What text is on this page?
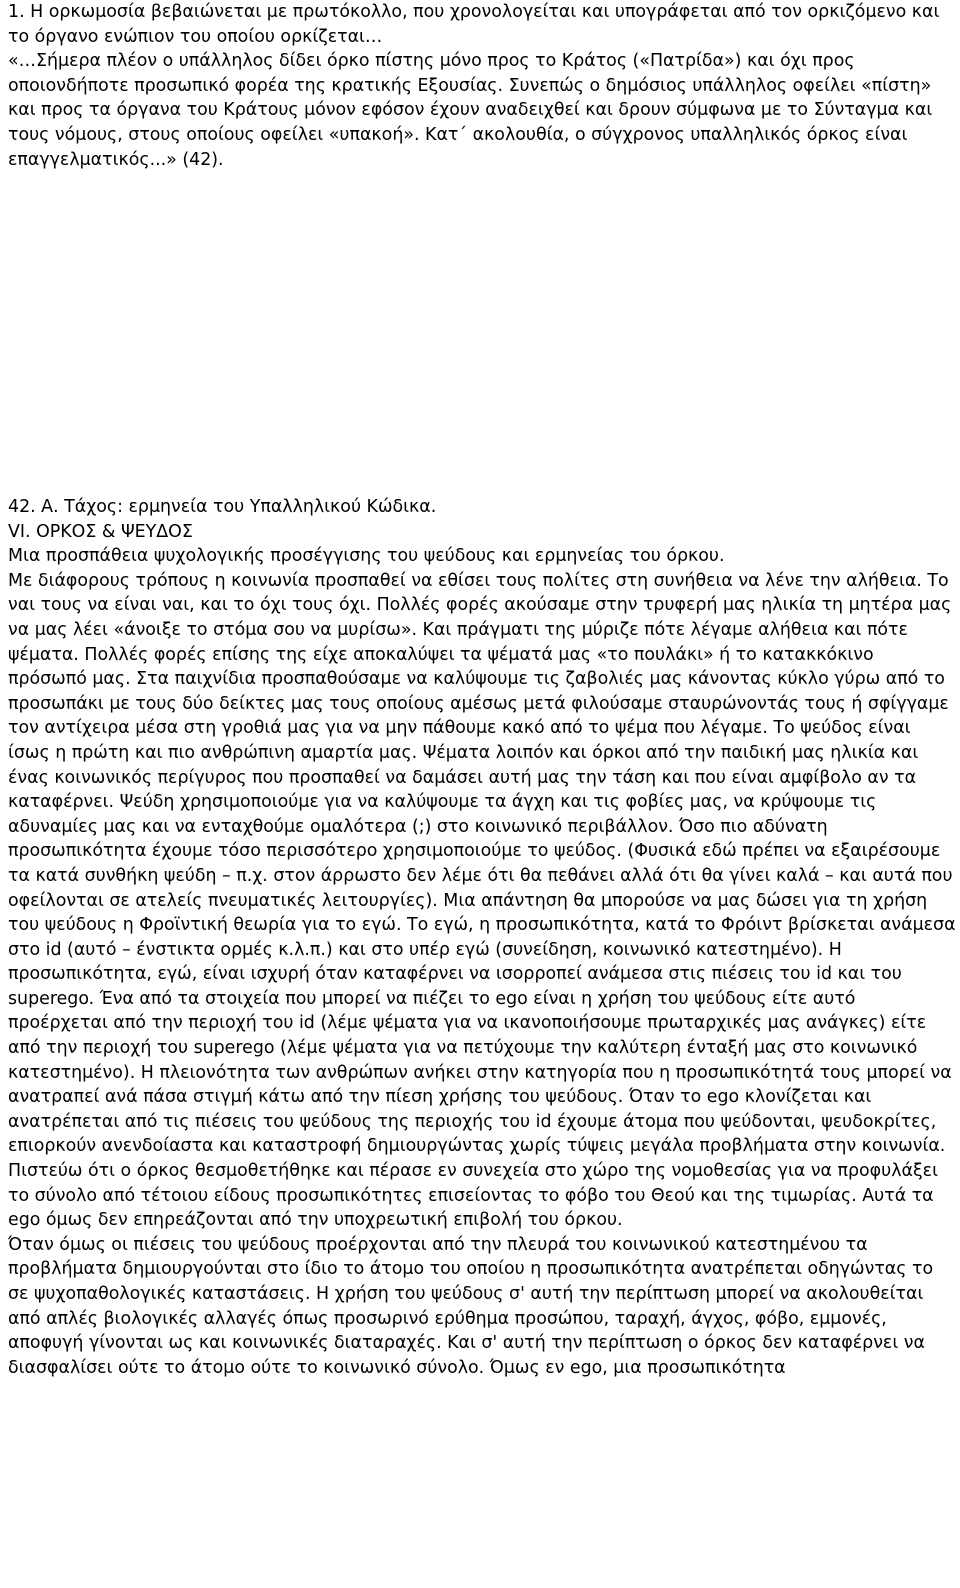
1. Η ορκωμοσία βεβαιώνεται με πρωτόκολλο, που χρονολογείται και υπογράφεται από τον ορκιζόμενο και το όργανο ενώπιον του οποίου ορκίζεται…

«…Σήμερα πλέον ο υπάλληλος δίδει όρκο πίστης μόνο προς το Κράτος («Πατρίδα») και όχι προς οποιονδήποτε προσωπικό φορέα της κρατικής Εξουσίας. Συνεπώς ο δημόσιος υπάλληλος οφείλει «πίστη» και προς τα όργανα του Κράτους μόνον εφόσον έχουν αναδειχθεί και δρουν σύμφωνα με το Σύνταγμα και τους νόμους, στους οποίους οφείλει «υπακοή». Κατ΄ ακολουθία, ο σύγχρονος υπαλληλικός όρκος είναι επαγγελματικός...» (42).

42. Α. Τάχος: ερμηνεία του Υπαλληλικού Κώδικα.

VI. ΟΡΚΟΣ & ΨΕΥΔΟΣ

Μια προσπάθεια ψυχολογικής προσέγγισης του ψεύδους και ερμηνείας του όρκου.

Με διάφορους τρόπους η κοινωνία προσπαθεί να εθίσει τους πολίτες στη συνήθεια να λένε την αλήθεια. Το ναι τους να είναι ναι, και το όχι τους όχι. Πολλές φορές ακούσαμε στην τρυφερή μας ηλικία τη μητέρα μας να μας λέει «άνοιξε το στόμα σου να μυρίσω». Και πράγματι της μύριζε πότε λέγαμε αλήθεια και πότε ψέματα. Πολλές φορές επίσης της είχε αποκαλύψει τα ψέματά μας «το πουλάκι» ή το κατακκόκινο πρόσωπό μας. Στα παιχνίδια προσπαθούσαμε να καλύψουμε τις ζαβολιές μας κάνοντας κύκλο γύρω από το προσωπάκι με τους δύο δείκτες μας τους οποίους αμέσως μετά φιλούσαμε σταυρώνοντάς τους ή σφίγγαμε τον αντίχειρα μέσα στη γροθιά μας για να μην πάθουμε κακό από το ψέμα που λέγαμε. Το ψεύδος είναι ίσως η πρώτη και πιο ανθρώπινη αμαρτία μας. Ψέματα λοιπόν και όρκοι από την παιδική μας ηλικία και ένας κοινωνικός περίγυρος που προσπαθεί να δαμάσει αυτή μας την τάση και που είναι αμφίβολο αν τα καταφέρνει. Ψεύδη χρησιμοποιούμε για να καλύψουμε τα άγχη και τις φοβίες μας, να κρύψουμε τις αδυναμίες μας και να ενταχθούμε ομαλότερα (;) στο κοινωνικό περιβάλλον. Όσο πιο αδύνατη προσωπικότητα έχουμε τόσο περισσότερο χρησιμοποιούμε το ψεύδος. (Φυσικά εδώ πρέπει να εξαιρέσουμε τα κατά συνθήκη ψεύδη – π.χ. στον άρρωστο δεν λέμε ότι θα πεθάνει αλλά ότι θα γίνει καλά – και αυτά που οφείλονται σε ατελείς πνευματικές λειτουργίες). Μια απάντηση θα μπορούσε να μας δώσει για τη χρήση του ψεύδους η Φροϊντική θεωρία για το εγώ. Το εγώ, η προσωπικότητα, κατά το Φρόιντ βρίσκεται ανάμεσα στο id (αυτό – ένστικτα ορμές κ.λ.π.) και στο υπέρ εγώ (συνείδηση, κοινωνικό κατεστημένο). Η προσωπικότητα, εγώ, είναι ισχυρή όταν καταφέρνει να ισορροπεί ανάμεσα στις πιέσεις του id και του superego. Ένα από τα στοιχεία που μπορεί να πιέζει το ego είναι η χρήση του ψεύδους είτε αυτό προέρχεται από την περιοχή του id (λέμε ψέματα για να ικανοποιήσουμε πρωταρχικές μας ανάγκες) είτε από την περιοχή του superego (λέμε ψέματα για να πετύχουμε την καλύτερη ένταξή μας στο κοινωνικό κατεστημένο). Η πλειονότητα των ανθρώπων ανήκει στην κατηγορία που η προσωπικότητά τους μπορεί να ανατραπεί ανά πάσα στιγμή κάτω από την πίεση χρήσης του ψεύδους. Όταν το ego κλονίζεται και ανατρέπεται από τις πιέσεις του ψεύδους της περιοχής του id έχουμε άτομα που ψεύδονται, ψευδοκρίτες, επιορκούν ανενδοίαστα και καταστροφή δημιουργώντας χωρίς τύψεις μεγάλα προβλήματα στην κοινωνία. Πιστεύω ότι ο όρκος θεσμοθετήθηκε και πέρασε εν συνεχεία στο χώρο της νομοθεσίας για να προφυλάξει το σύνολο από τέτοιου είδους προσωπικότητες επισείοντας το φόβο του Θεού και της τιμωρίας. Αυτά τα ego όμως δεν επηρεάζονται από την υποχρεωτική επιβολή του όρκου.

Όταν όμως οι πιέσεις του ψεύδους προέρχονται από την πλευρά του κοινωνικού κατεστημένου τα προβλήματα δημιουργούνται στο ίδιο το άτομο του οποίου η προσωπικότητα ανατρέπεται οδηγώντας το σε ψυχοπαθολογικές καταστάσεις. Η χρήση του ψεύδους σ' αυτή την περίπτωση μπορεί να ακολουθείται από απλές βιολογικές αλλαγές όπως προσωρινό ερύθημα προσώπου, ταραχή, άγχος, φόβο, εμμονές, αποφυγή γίνονται ως και κοινωνικές διαταραχές. Και σ' αυτή την περίπτωση ο όρκος δεν καταφέρνει να διασφαλίσει ούτε το άτομο ούτε το κοινωνικό σύνολο. Όμως εν ego, μια προσωπικότητα
